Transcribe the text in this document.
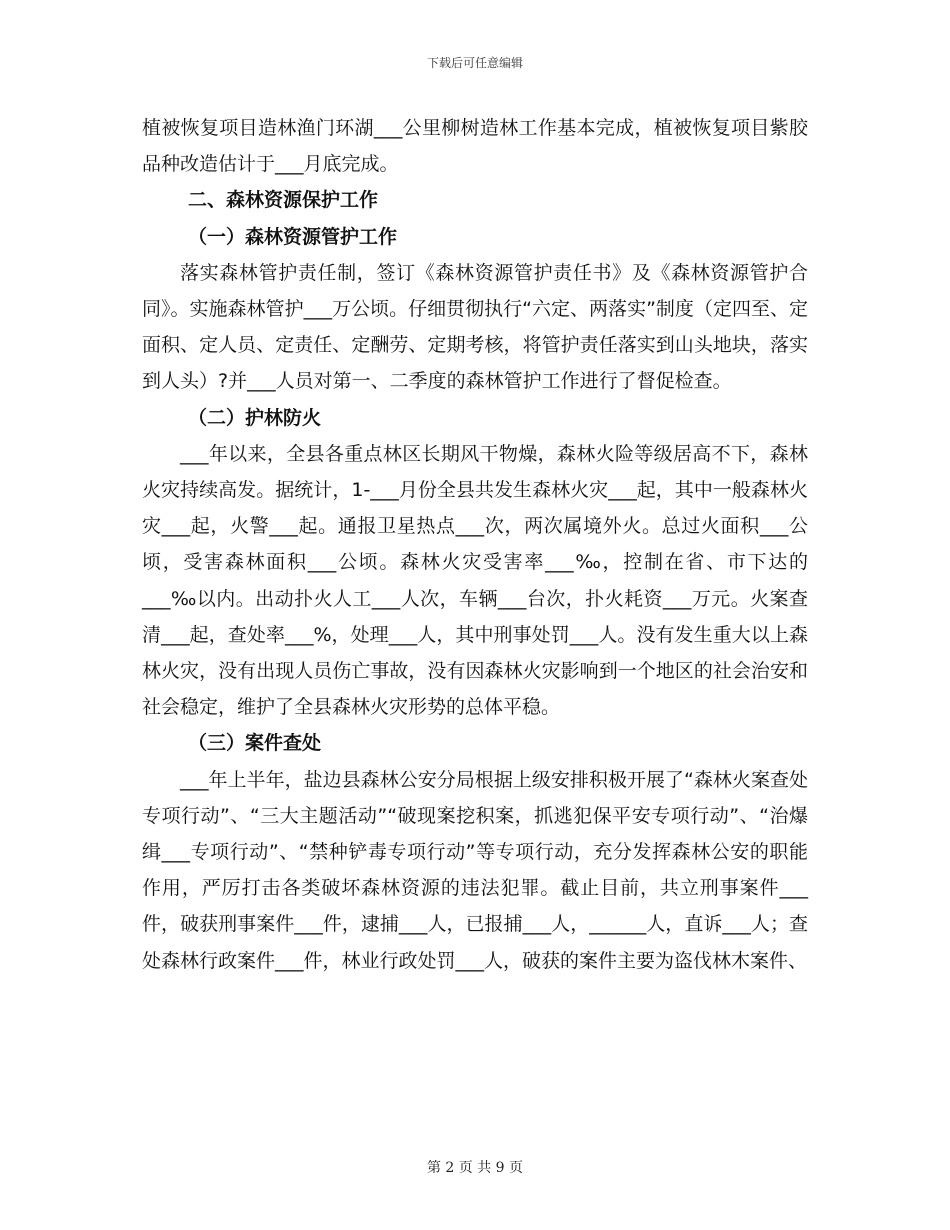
下载后可任意编辑

植被恢复项目造林渔门环湖___公里柳树造林工作基本完成，植被恢复项目紫胶品种改造估计于___月底完成。

二、森林资源保护工作

（一）森林资源管护工作

落实森林管护责任制，签订《森林资源管护责任书》及《森林资源管护合同》。实施森林管护___万公顷。仔细贯彻执行“六定、两落实”制度（定四至、定面积、定人员、定责任、定酬劳、定期考核，将管护责任落实到山头地块，落实到人头）?并___人员对第一、二季度的森林管护工作进行了督促检查。

（二）护林防火

___年以来，全县各重点林区长期风干物燥，森林火险等级居高不下，森林火灾持续高发。据统计，1-___月份全县共发生森林火灾___起，其中一般森林火灾___起，火警___起。通报卫星热点___次，两次属境外火。总过火面积___公顷，受害森林面积___公顷。森林火灾受害率___‰，控制在省、市下达的___‰以内。出动扑火人工___人次，车辆___台次，扑火耗资___万元。火案查清___起，查处率___%，处理___人，其中刑事处罚___人。没有发生重大以上森林火灾，没有出现人员伤亡事故，没有因森林火灾影响到一个地区的社会治安和社会稳定，维护了全县森林火灾形势的总体平稳。

（三）案件查处

___年上半年，盐边县森林公安分局根据上级安排积极开展了“森林火案查处专项行动”、“三大主题活动”“破现案挖积案，抓逃犯保平安专项行动”、“治爆缉___专项行动”、“禁种铲毒专项行动”等专项行动，充分发挥森林公安的职能作用，严厉打击各类破坏森林资源的违法犯罪。截止目前，共立刑事案件___件，破获刑事案件___件，逮捕___人，已报捕___人，______人，直诉___人；查处森林行政案件___件，林业行政处罚___人，破获的案件主要为盗伐林木案件、

第 2 页 共 9 页
